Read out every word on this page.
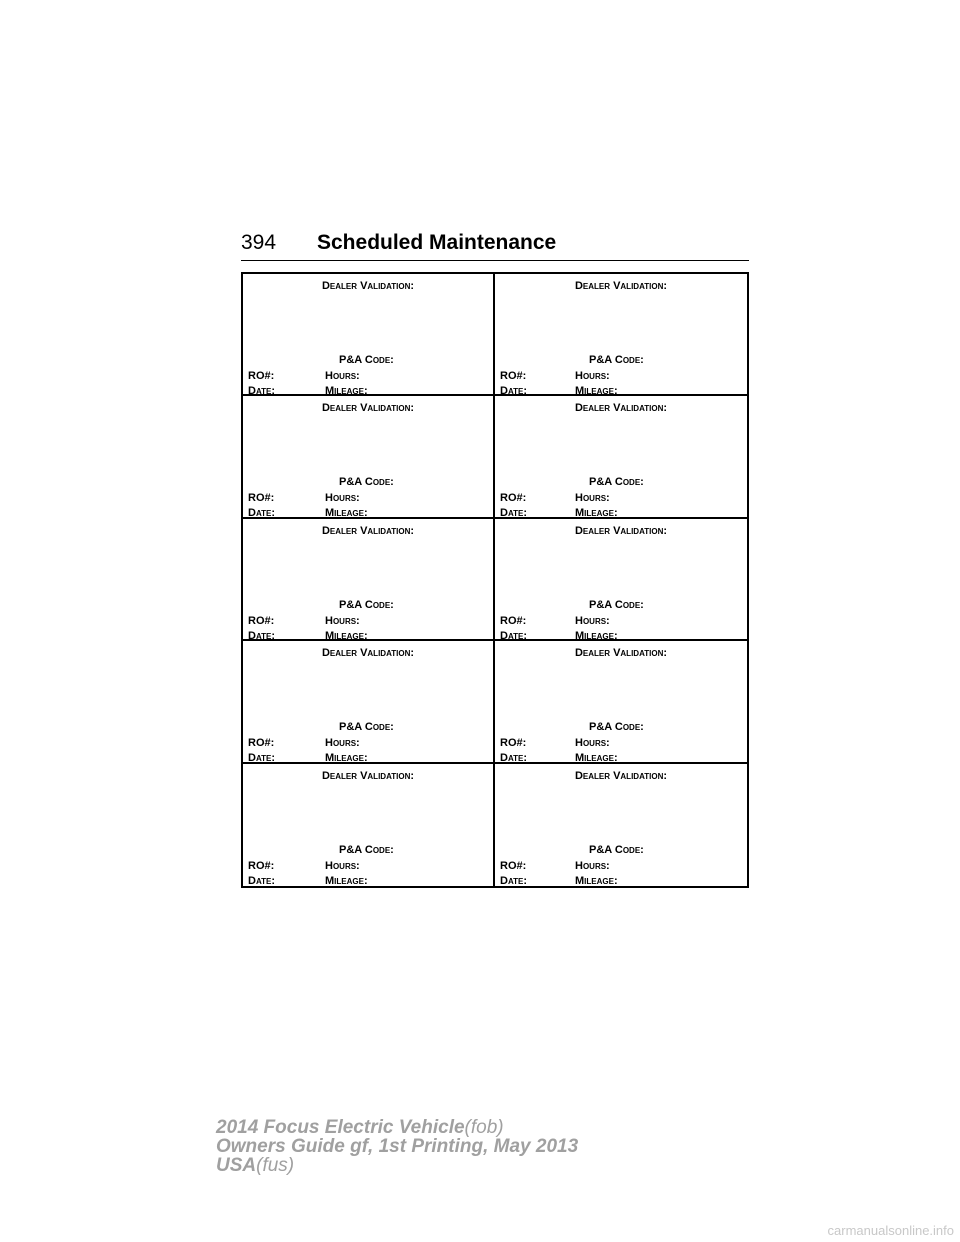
394 Scheduled Maintenance
Dealer Validation:
P&A Code:
RO#:	Hours:
Date:	Mileage:
Dealer Validation:
P&A Code:
RO#:	Hours:
Date:	Mileage:
Dealer Validation:
P&A Code:
RO#:	Hours:
Date:	Mileage:
Dealer Validation:
P&A Code:
RO#:	Hours:
Date:	Mileage:
Dealer Validation:
P&A Code:
RO#:	Hours:
Date:	Mileage:
Dealer Validation:
P&A Code:
RO#:	Hours:
Date:	Mileage:
Dealer Validation:
P&A Code:
RO#:	Hours:
Date:	Mileage:
Dealer Validation:
P&A Code:
RO#:	Hours:
Date:	Mileage:
Dealer Validation:
P&A Code:
RO#:	Hours:
Date:	Mileage:
Dealer Validation:
P&A Code:
RO#:	Hours:
Date:	Mileage:
2014 Focus Electric Vehicle(fob)
Owners Guide gf, 1st Printing, May 2013
USA(fus)
carmanualsonline.info
